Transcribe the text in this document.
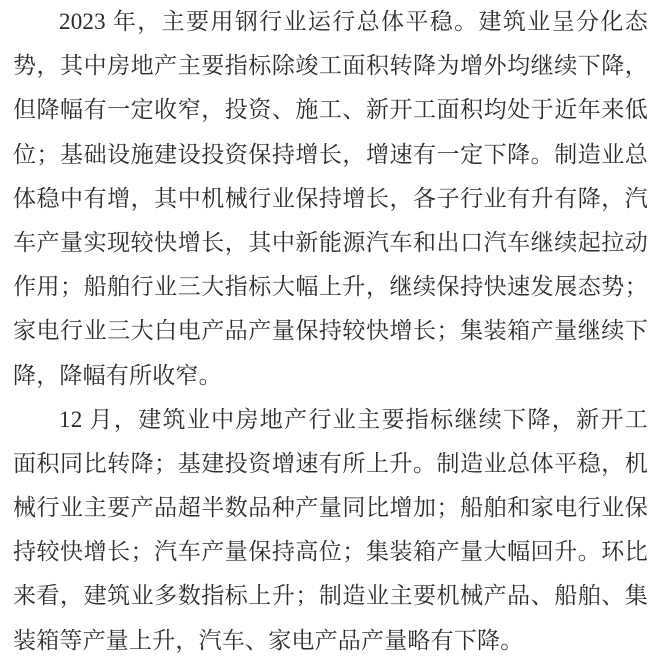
2023 年，主要用钢行业运行总体平稳。建筑业呈分化态
势，其中房地产主要指标除竣工面积转降为增外均继续下降，
但降幅有一定收窄，投资、施工、新开工面积均处于近年来低
位；基础设施建设投资保持增长，增速有一定下降。制造业总
体稳中有增，其中机械行业保持增长，各子行业有升有降，汽
车产量实现较快增长，其中新能源汽车和出口汽车继续起拉动
作用；船舶行业三大指标大幅上升，继续保持快速发展态势；
家电行业三大白电产品产量保持较快增长；集装箱产量继续下
降，降幅有所收窄。
12 月，建筑业中房地产行业主要指标继续下降，新开工
面积同比转降；基建投资增速有所上升。制造业总体平稳，机
械行业主要产品超半数品种产量同比增加；船舶和家电行业保
持较快增长；汽车产量保持高位；集装箱产量大幅回升。环比
来看，建筑业多数指标上升；制造业主要机械产品、船舶、集
装箱等产量上升，汽车、家电产品产量略有下降。
